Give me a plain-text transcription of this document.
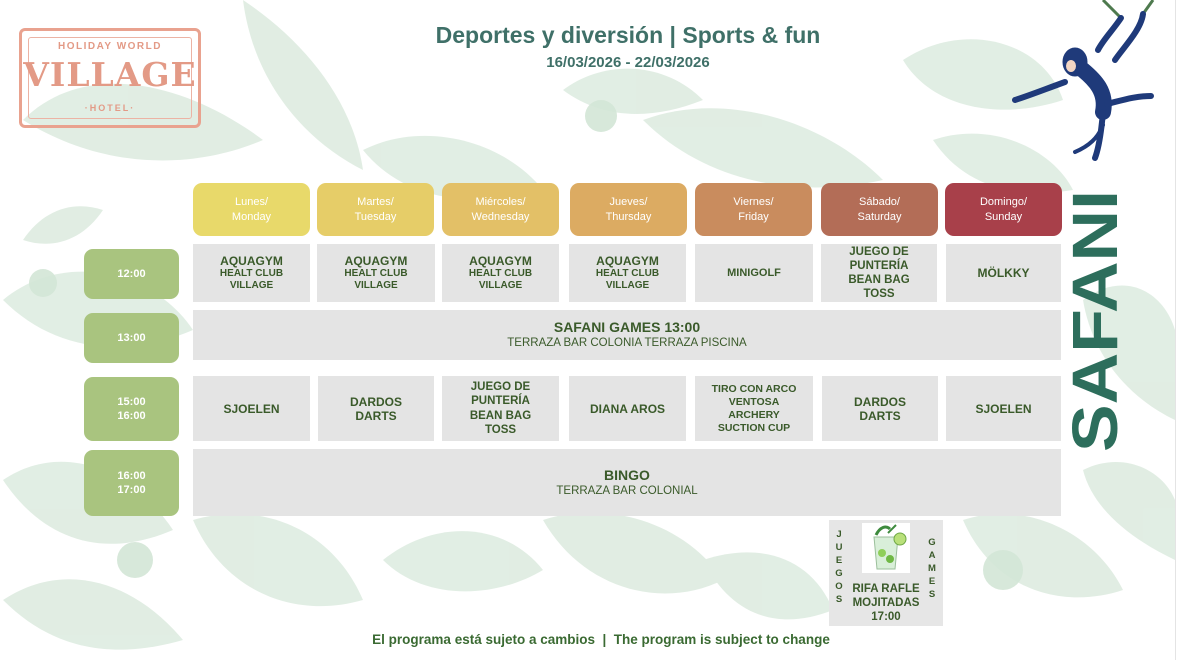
HOLIDAY WORLD
VILLAGE
·HOTEL·
Deportes y diversión | Sports & fun
16/03/2026 - 22/03/2026
Lunes/
Monday
Martes/
Tuesday
Miércoles/
Wednesday
Jueves/
Thursday
Viernes/
Friday
Sábado/
Saturday
Domingo/
Sunday
12:00
13:00
15:00
16:00
16:00
17:00
AQUAGYM
HEALT CLUB
VILLAGE
AQUAGYM
HEALT CLUB
VILLAGE
AQUAGYM
HEALT CLUB
VILLAGE
AQUAGYM
HEALT CLUB
VILLAGE
MINIGOLF
JUEGO DE
PUNTERÍA
BEAN BAG
TOSS
MÖLKKY
SAFANI GAMES 13:00
TERRAZA BAR COLONIA TERRAZA PISCINA
SJOELEN	DARDOS
DARTS
JUEGO DE
PUNTERÍA
BEAN BAG
TOSS
DIANA AROS
TIRO CON ARCO
VENTOSA
ARCHERY
SUCTION CUP
DARDOS
DARTS	SJOELEN
BINGO
TERRAZA BAR COLONIAL
SAFANI
J
U
E
G
O
S
G
A
M
E
S
RIFA RAFLE
MOJITADAS
17:00
El programa está sujeto a cambios  |  The program is subject to change
